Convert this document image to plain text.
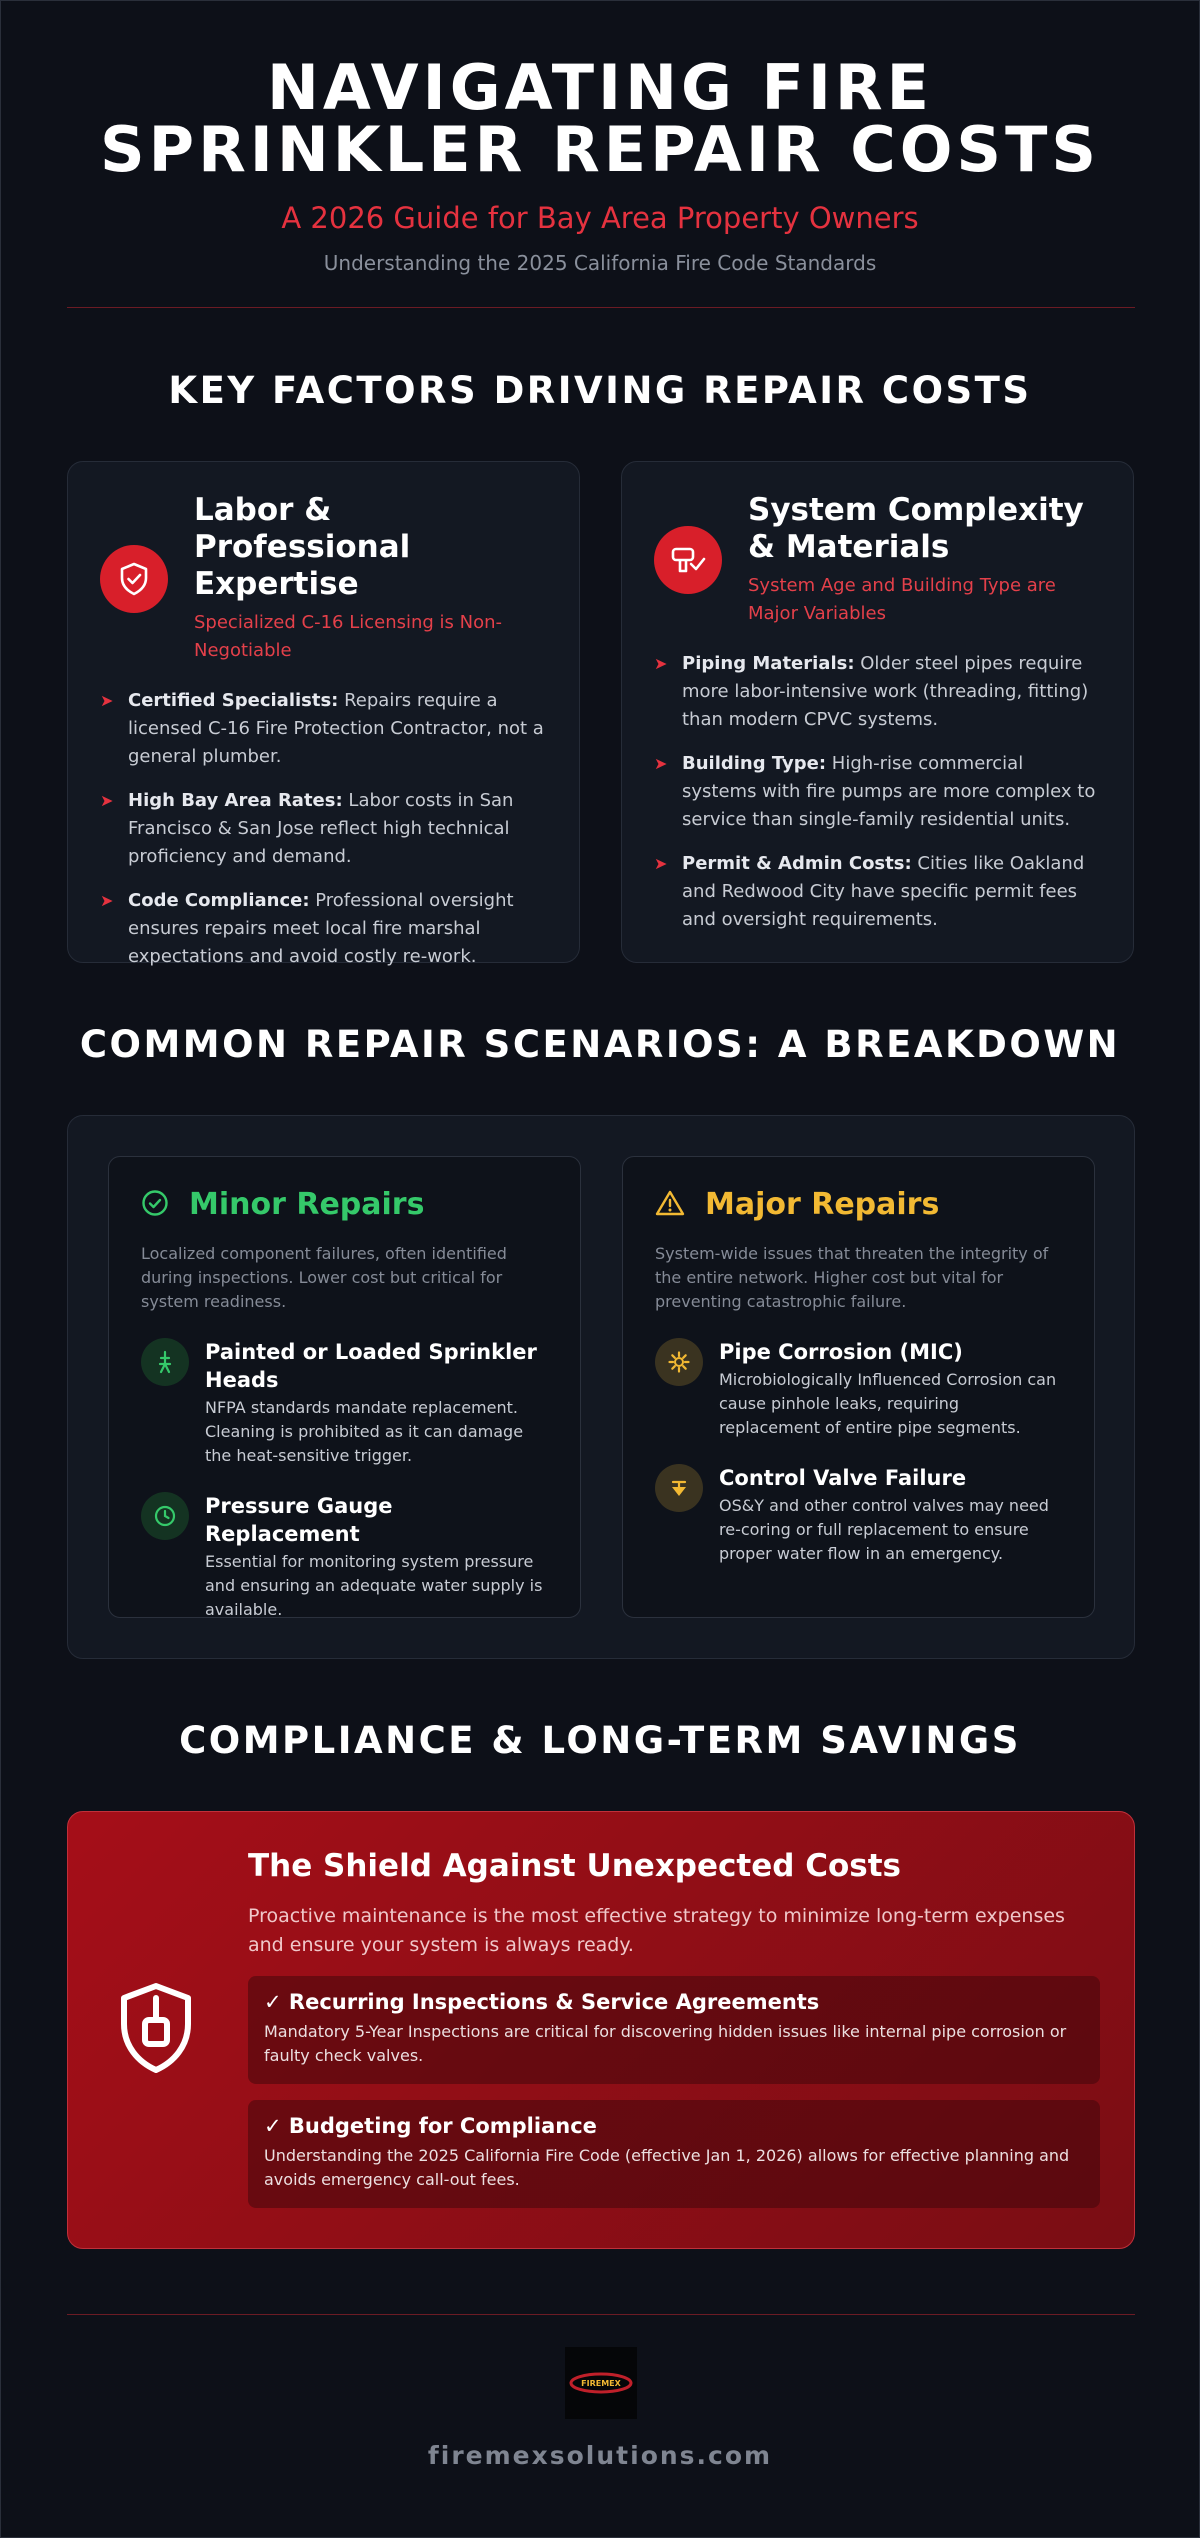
NAVIGATING FIRE SPRINKLER REPAIR COSTS
A 2026 Guide for Bay Area Property Owners
Understanding the 2025 California Fire Code Standards
KEY FACTORS DRIVING REPAIR COSTS
Labor & Professional Expertise
Specialized C-16 Licensing is Non-Negotiable
➤ Certified Specialists: Repairs require a licensed C-16 Fire Protection Contractor, not a general plumber.
➤ High Bay Area Rates: Labor costs in San Francisco & San Jose reflect high technical proficiency and demand.
➤ Code Compliance: Professional oversight ensures repairs meet local fire marshal expectations and avoid costly re-work.
System Complexity & Materials
System Age and Building Type are Major Variables
➤ Piping Materials: Older steel pipes require more labor-intensive work (threading, fitting) than modern CPVC systems.
➤ Building Type: High-rise commercial systems with fire pumps are more complex to service than single-family residential units.
➤ Permit & Admin Costs: Cities like Oakland and Redwood City have specific permit fees and oversight requirements.
COMMON REPAIR SCENARIOS: A BREAKDOWN
Minor Repairs
Localized component failures, often identified during inspections. Lower cost but critical for system readiness.
Painted or Loaded Sprinkler Heads
NFPA standards mandate replacement. Cleaning is prohibited as it can damage the heat-sensitive trigger.
Pressure Gauge Replacement
Essential for monitoring system pressure and ensuring an adequate water supply is available.
Major Repairs
System-wide issues that threaten the integrity of the entire network. Higher cost but vital for preventing catastrophic failure.
Pipe Corrosion (MIC)
Microbiologically Influenced Corrosion can cause pinhole leaks, requiring replacement of entire pipe segments.
Control Valve Failure
OS&Y and other control valves may need re-coring or full replacement to ensure proper water flow in an emergency.
COMPLIANCE & LONG-TERM SAVINGS
The Shield Against Unexpected Costs
Proactive maintenance is the most effective strategy to minimize long-term expenses and ensure your system is always ready.
✓ Recurring Inspections & Service Agreements
Mandatory 5-Year Inspections are critical for discovering hidden issues like internal pipe corrosion or faulty check valves.
✓ Budgeting for Compliance
Understanding the 2025 California Fire Code (effective Jan 1, 2026) allows for effective planning and avoids emergency call-out fees.
FIREMEX
firemexsolutions.com
